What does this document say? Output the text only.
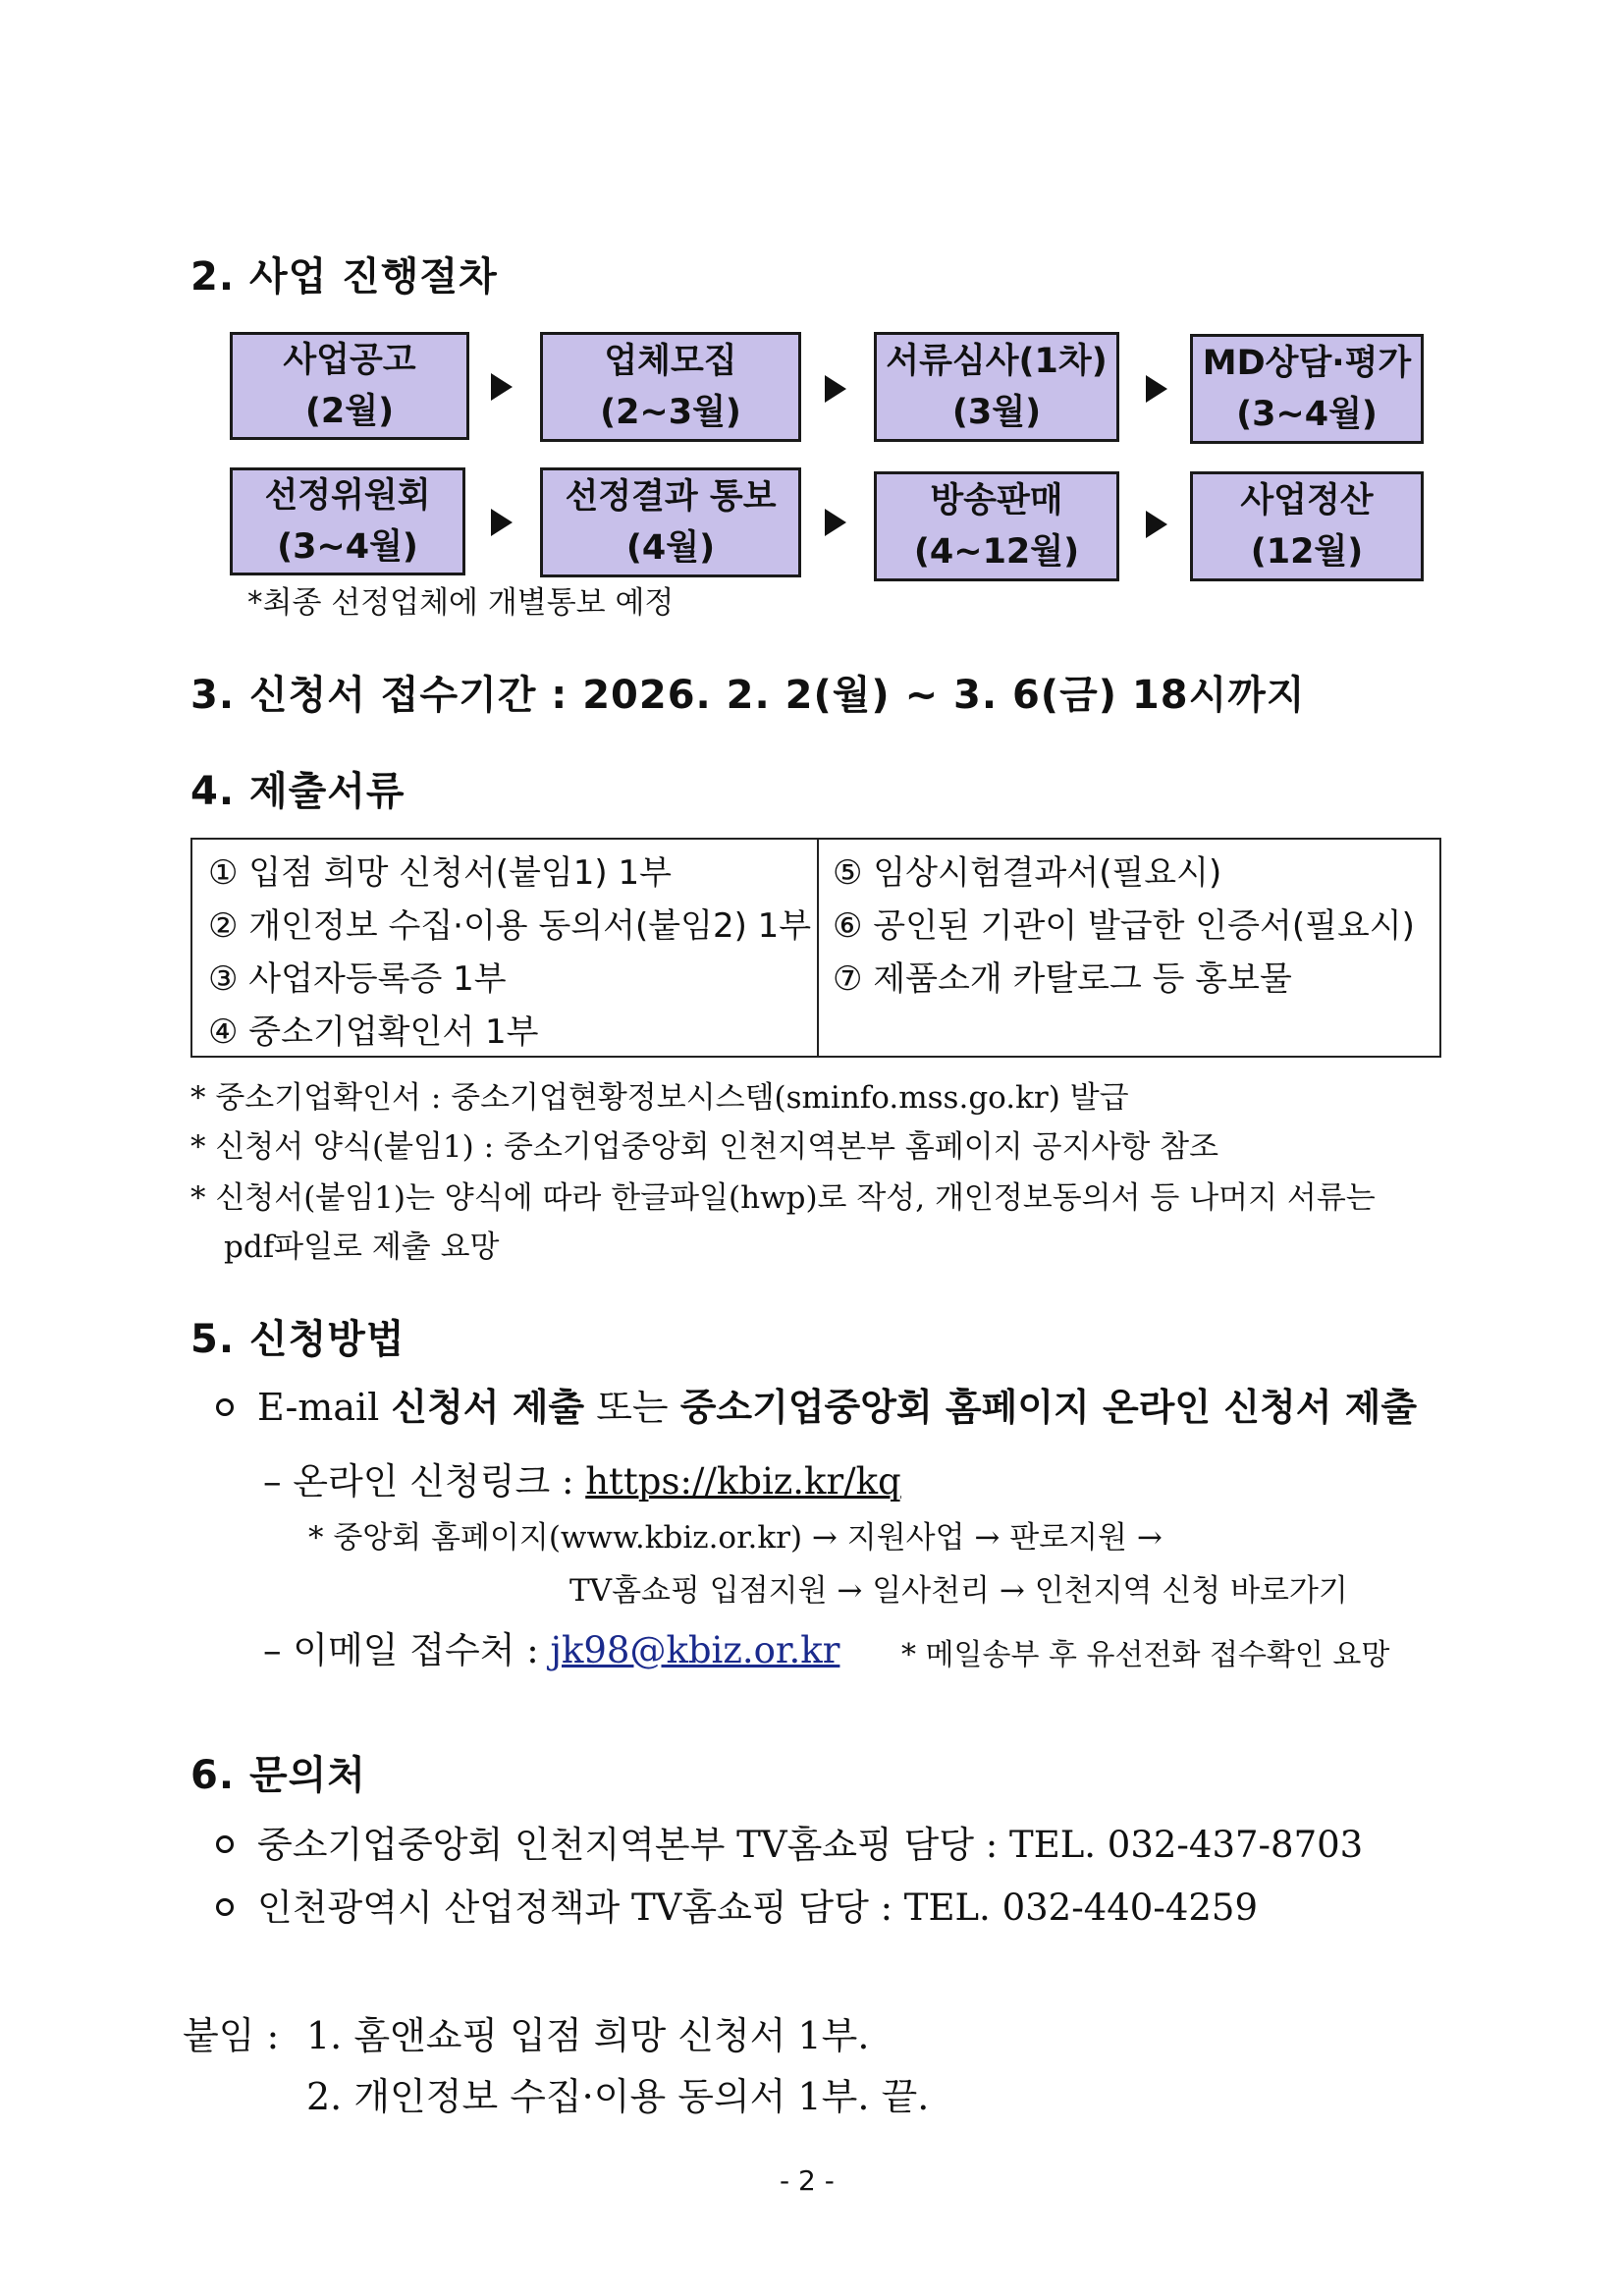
2. 사업 진행절차
사업공고
(2월)
업체모집
(2~3월)
서류심사(1차)
(3월)
MD상담·평가
(3~4월)
선정위원회
(3~4월)
선정결과 통보
(4월)
방송판매
(4~12월)
사업정산
(12월)
*최종 선정업체에 개별통보 예정
3. 신청서 접수기간 : 2026. 2. 2(월) ~ 3. 6(금) 18시까지
4. 제출서류
① 입점 희망 신청서(붙임1) 1부
② 개인정보 수집·이용 동의서(붙임2) 1부
③ 사업자등록증 1부
④ 중소기업확인서 1부
⑤ 임상시험결과서(필요시)
⑥ 공인된 기관이 발급한 인증서(필요시)
⑦ 제품소개 카탈로그 등 홍보물
* 중소기업확인서 : 중소기업현황정보시스템(sminfo.mss.go.kr) 발급
* 신청서 양식(붙임1) : 중소기업중앙회 인천지역본부 홈페이지 공지사항 참조
* 신청서(붙임1)는 양식에 따라 한글파일(hwp)로 작성, 개인정보동의서 등 나머지 서류는
pdf파일로 제출 요망
5. 신청방법
E-mail 신청서 제출 또는 중소기업중앙회 홈페이지 온라인 신청서 제출
– 온라인 신청링크 : https://kbiz.kr/kq
* 중앙회 홈페이지(www.kbiz.or.kr) → 지원사업 → 판로지원 →
TV홈쇼핑 입점지원 → 일사천리 → 인천지역 신청 바로가기
– 이메일 접수처 : jk98@kbiz.or.kr * 메일송부 후 유선전화 접수확인 요망
6. 문의처
중소기업중앙회 인천지역본부 TV홈쇼핑 담당 : TEL. 032-437-8703
인천광역시 산업정책과 TV홈쇼핑 담당 : TEL. 032-440-4259
붙임 : 1. 홈앤쇼핑 입점 희망 신청서 1부.
2. 개인정보 수집·이용 동의서 1부. 끝.
- 2 -
